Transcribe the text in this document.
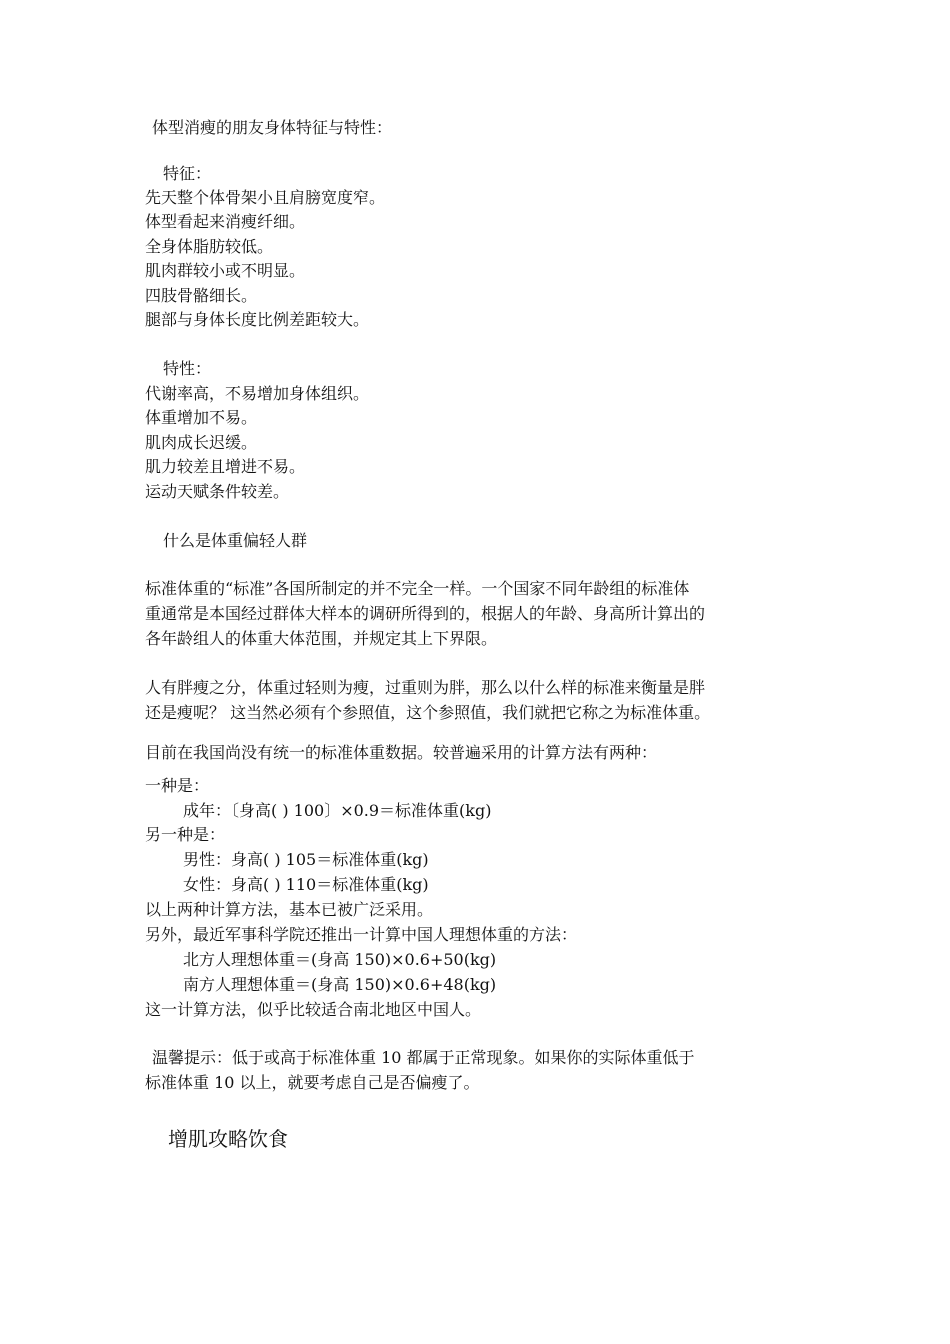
体型消瘦的朋友身体特征与特性：
特征：
先天整个体骨架小且肩膀宽度窄。
体型看起来消瘦纤细。
全身体脂肪较低。
肌肉群较小或不明显。
四肢骨骼细长。
腿部与身体长度比例差距较大。
特性：
代谢率高，不易增加身体组织。
体重增加不易。
肌肉成长迟缓。
肌力较差且增进不易。
运动天赋条件较差。
什么是体重偏轻人群
标准体重的“标准”各国所制定的并不完全一样。一个国家不同年龄组的标准体
重通常是本国经过群体大样本的调研所得到的，根据人的年龄、身高所计算出的
各年龄组人的体重大体范围，并规定其上下界限。
人有胖瘦之分，体重过轻则为瘦，过重则为胖，那么以什么样的标准来衡量是胖
还是瘦呢？ 这当然必须有个参照值，这个参照值，我们就把它称之为标准体重。
目前在我国尚没有统一的标准体重数据。较普遍采用的计算方法有两种：
一种是：
成年：〔身高( ) 100〕×0.9＝标准体重(kg)
另一种是：
男性：身高( ) 105＝标准体重(kg)
女性：身高( ) 110＝标准体重(kg)
以上两种计算方法，基本已被广泛采用。
另外，最近军事科学院还推出一计算中国人理想体重的方法：
北方人理想体重＝(身高 150)×0.6+50(kg)
南方人理想体重＝(身高 150)×0.6+48(kg)
这一计算方法，似乎比较适合南北地区中国人。
温馨提示：低于或高于标准体重 10 都属于正常现象。如果你的实际体重低于
标准体重 10 以上，就要考虑自己是否偏瘦了。
增肌攻略饮食
